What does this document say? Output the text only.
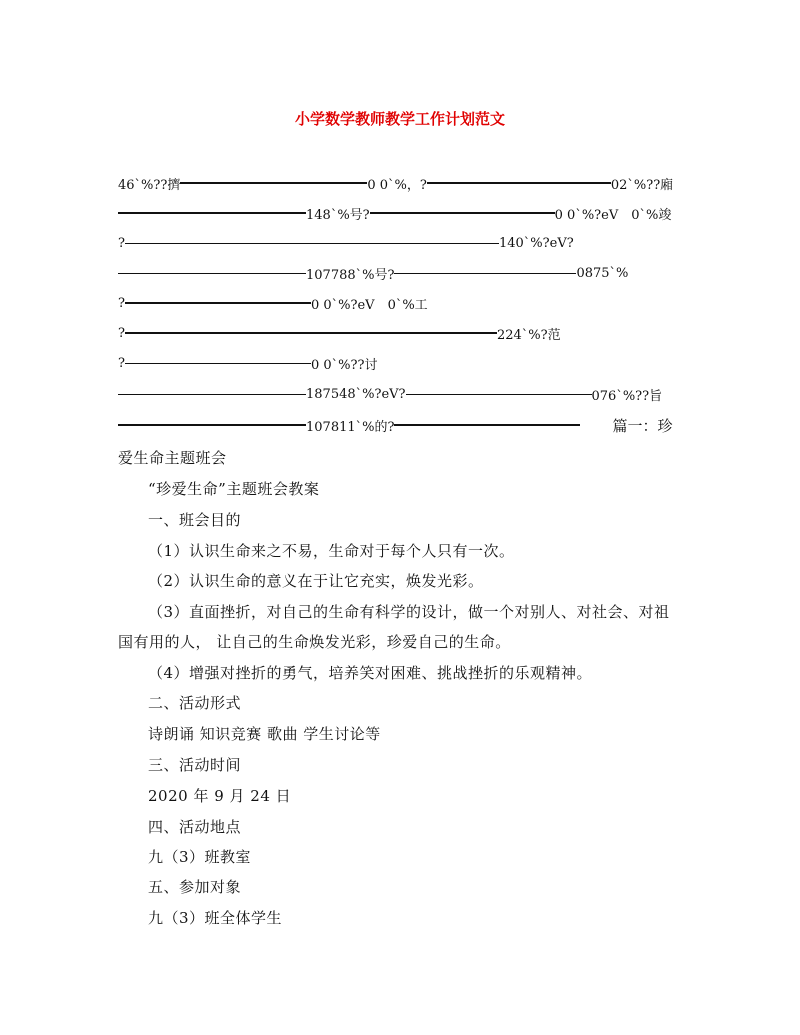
小学数学教师教学工作计划范文
46`%??擠	0 0`%，?	02`%??廂
148`%号?	0 0`%?eV　0`%竣
?	140`%?eV?
107788`%号?	0875`%
?	0 0`%?eV　0`%工
?	224`%?范
?	0 0`%??讨
187548`%?eV?	076`%??旨
107811`%的?	篇一：珍
爱生命主题班会
“珍爱生命”主题班会教案
一、班会目的
（1）认识生命来之不易，生命对于每个人只有一次。
（2）认识生命的意义在于让它充实，焕发光彩。
（3）直面挫折，对自己的生命有科学的设计，做一个对别人、对社会、对祖
国有用的人， 让自己的生命焕发光彩，珍爱自己的生命。
（4）增强对挫折的勇气，培养笑对困难、挑战挫折的乐观精神。
二、活动形式
诗朗诵 知识竞赛 歌曲 学生讨论等
三、活动时间
2020 年 9 月 24 日
四、活动地点
九（3）班教室
五、参加对象
九（3）班全体学生
